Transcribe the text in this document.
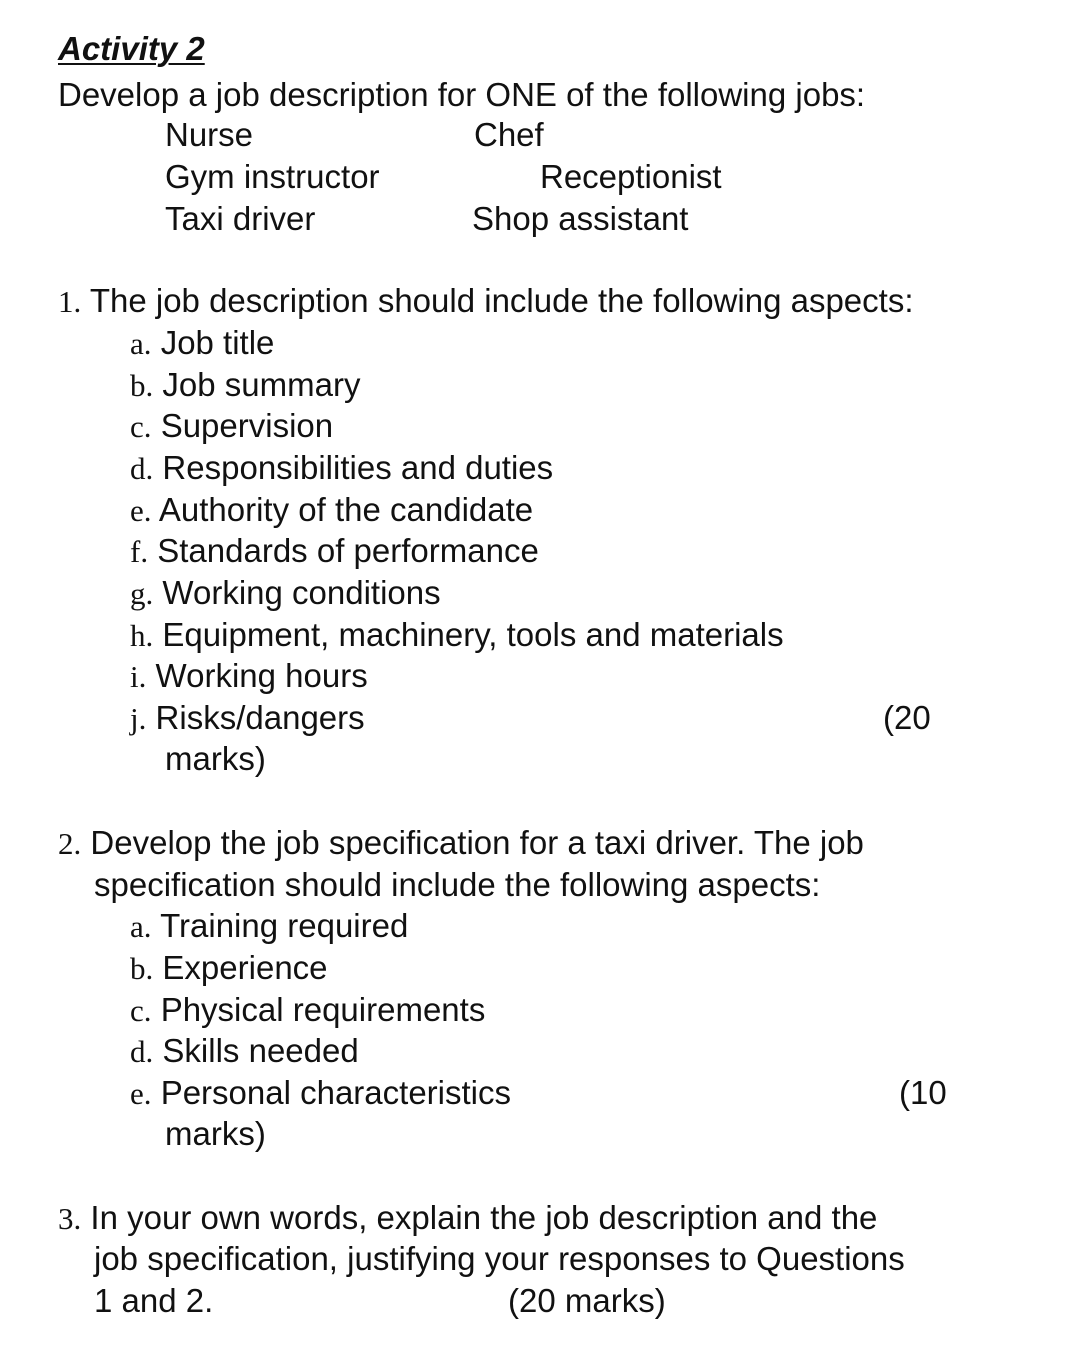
Activity 2
Develop a job description for ONE of the following jobs:
Nurse	Chef
Gym instructor	Receptionist
Taxi driver	Shop assistant
1. The job description should include the following aspects:
a. Job title
b. Job summary
c. Supervision
d. Responsibilities and duties
e. Authority of the candidate
f. Standards of performance
g. Working conditions
h. Equipment, machinery, tools and materials
i. Working hours
j. Risks/dangers	(20
marks)
2. Develop the job specification for a taxi driver. The job
specification should include the following aspects:
a. Training required
b. Experience
c. Physical requirements
d. Skills needed
e. Personal characteristics	(10
marks)
3. In your own words, explain the job description and the
job specification, justifying your responses to Questions
1 and 2.	(20 marks)
